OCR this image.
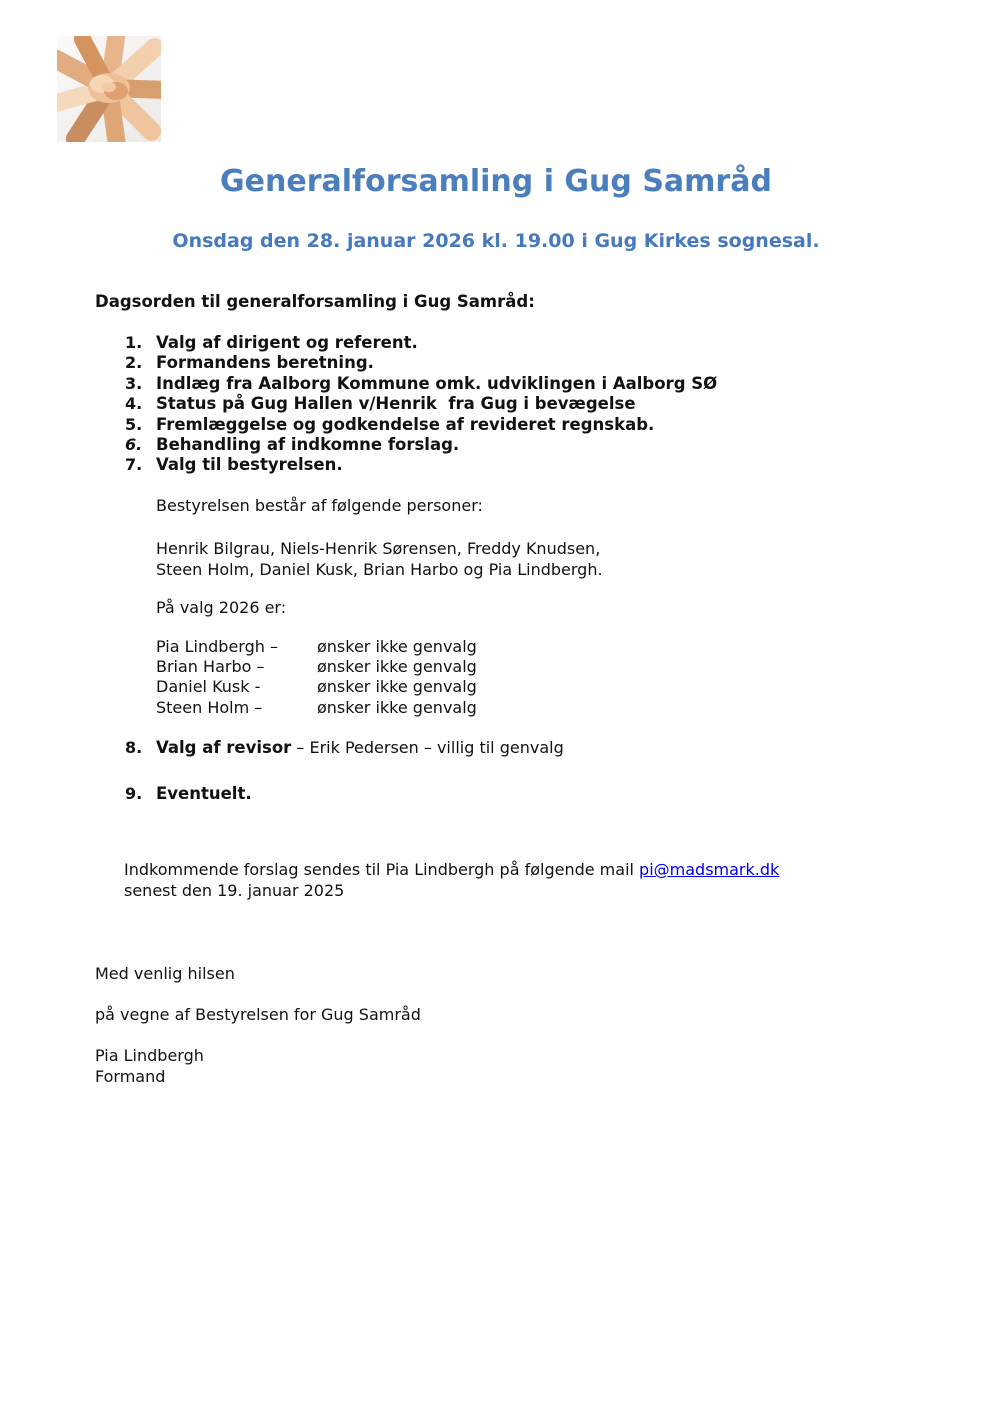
Generalforsamling i Gug Samråd
Onsdag den 28. januar 2026 kl. 19.00 i Gug Kirkes sognesal.

Dagsorden til generalforsamling i Gug Samråd:

1. Valg af dirigent og referent.
2. Formandens beretning.
3. Indlæg fra Aalborg Kommune omk. udviklingen i Aalborg SØ
4. Status på Gug Hallen v/Henrik  fra Gug i bevægelse
5. Fremlæggelse og godkendelse af revideret regnskab.
6. Behandling af indkomne forslag.
7. Valg til bestyrelsen.

Bestyrelsen består af følgende personer:

Henrik Bilgrau, Niels-Henrik Sørensen, Freddy Knudsen,

Steen Holm, Daniel Kusk, Brian Harbo og Pia Lindbergh.

På valg 2026 er:

Pia Lindbergh –	ønsker ikke genvalg
Brian Harbo –	ønsker ikke genvalg
Daniel Kusk -	ønsker ikke genvalg
Steen Holm –	ønsker ikke genvalg
8. Valg af revisor – Erik Pedersen – villig til genvalg
9. Eventuelt.

Indkommende forslag sendes til Pia Lindbergh på følgende mail pi@madsmark.dk
senest den 19. januar 2025

Med venlig hilsen

på vegne af Bestyrelsen for Gug Samråd

Pia Lindbergh

Formand
